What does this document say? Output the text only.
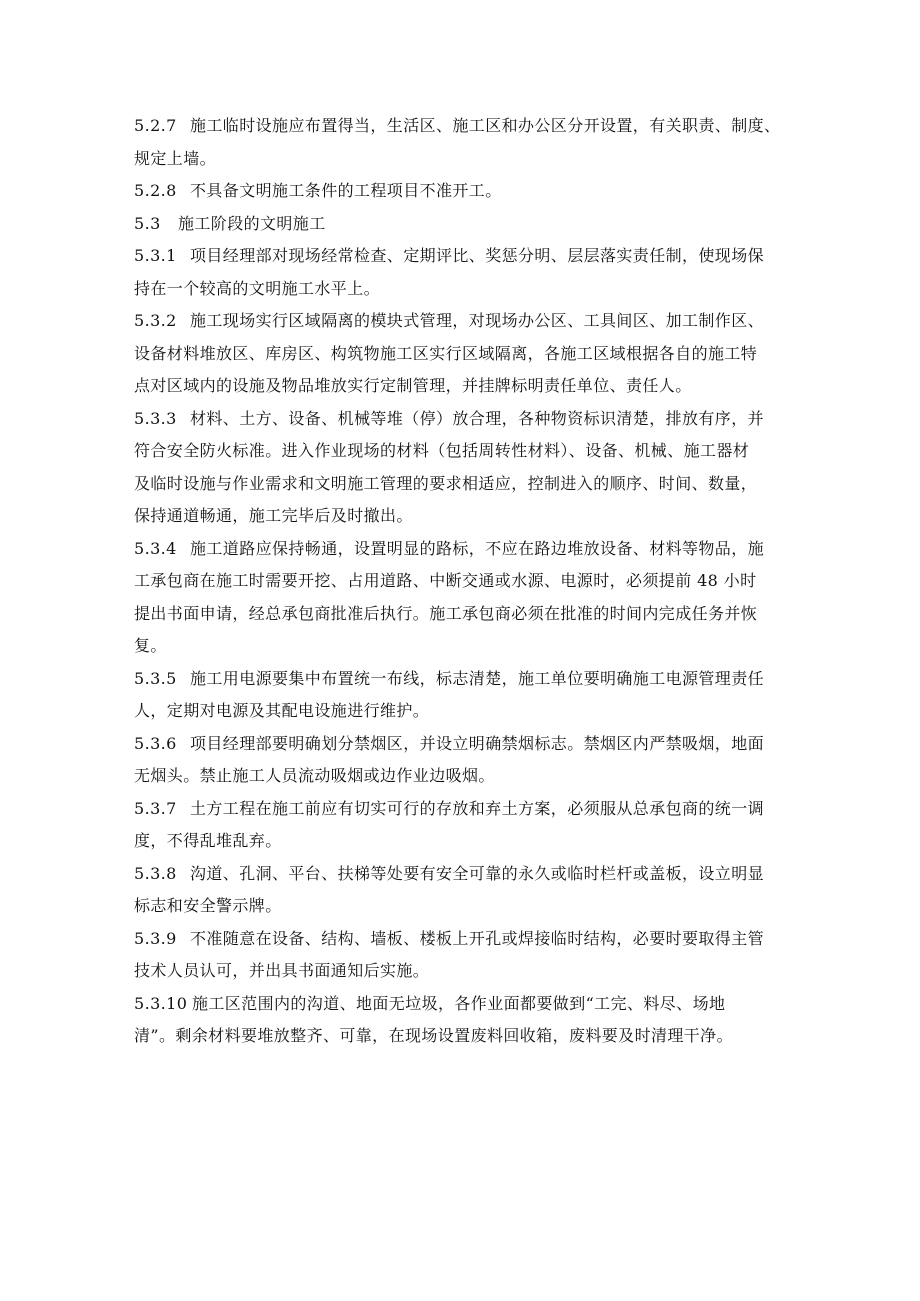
5.2.7 施工临时设施应布置得当，生活区、施工区和办公区分开设置，有关职责、制度、
规定上墙。
5.2.8 不具备文明施工条件的工程项目不准开工。
5.3 施工阶段的文明施工
5.3.1 项目经理部对现场经常检查、定期评比、奖惩分明、层层落实责任制，使现场保
持在一个较高的文明施工水平上。
5.3.2 施工现场实行区域隔离的模块式管理，对现场办公区、工具间区、加工制作区、
设备材料堆放区、库房区、构筑物施工区实行区域隔离，各施工区域根据各自的施工特
点对区域内的设施及物品堆放实行定制管理，并挂牌标明责任单位、责任人。
5.3.3 材料、土方、设备、机械等堆（停）放合理，各种物资标识清楚，排放有序，并
符合安全防火标准。进入作业现场的材料（包括周转性材料）、设备、机械、施工器材
及临时设施与作业需求和文明施工管理的要求相适应，控制进入的顺序、时间、数量，
保持通道畅通，施工完毕后及时撤出。
5.3.4 施工道路应保持畅通，设置明显的路标，不应在路边堆放设备、材料等物品，施
工承包商在施工时需要开挖、占用道路、中断交通或水源、电源时，必须提前 48 小时
提出书面申请，经总承包商批准后执行。施工承包商必须在批准的时间内完成任务并恢
复。
5.3.5 施工用电源要集中布置统一布线，标志清楚，施工单位要明确施工电源管理责任
人，定期对电源及其配电设施进行维护。
5.3.6 项目经理部要明确划分禁烟区，并设立明确禁烟标志。禁烟区内严禁吸烟，地面
无烟头。禁止施工人员流动吸烟或边作业边吸烟。
5.3.7 土方工程在施工前应有切实可行的存放和弃土方案，必须服从总承包商的统一调
度，不得乱堆乱弃。
5.3.8 沟道、孔洞、平台、扶梯等处要有安全可靠的永久或临时栏杆或盖板，设立明显
标志和安全警示牌。
5.3.9 不准随意在设备、结构、墙板、楼板上开孔或焊接临时结构，必要时要取得主管
技术人员认可，并出具书面通知后实施。
5.3.10 施工区范围内的沟道、地面无垃圾，各作业面都要做到“工完、料尽、场地
清”。剩余材料要堆放整齐、可靠，在现场设置废料回收箱，废料要及时清理干净。
